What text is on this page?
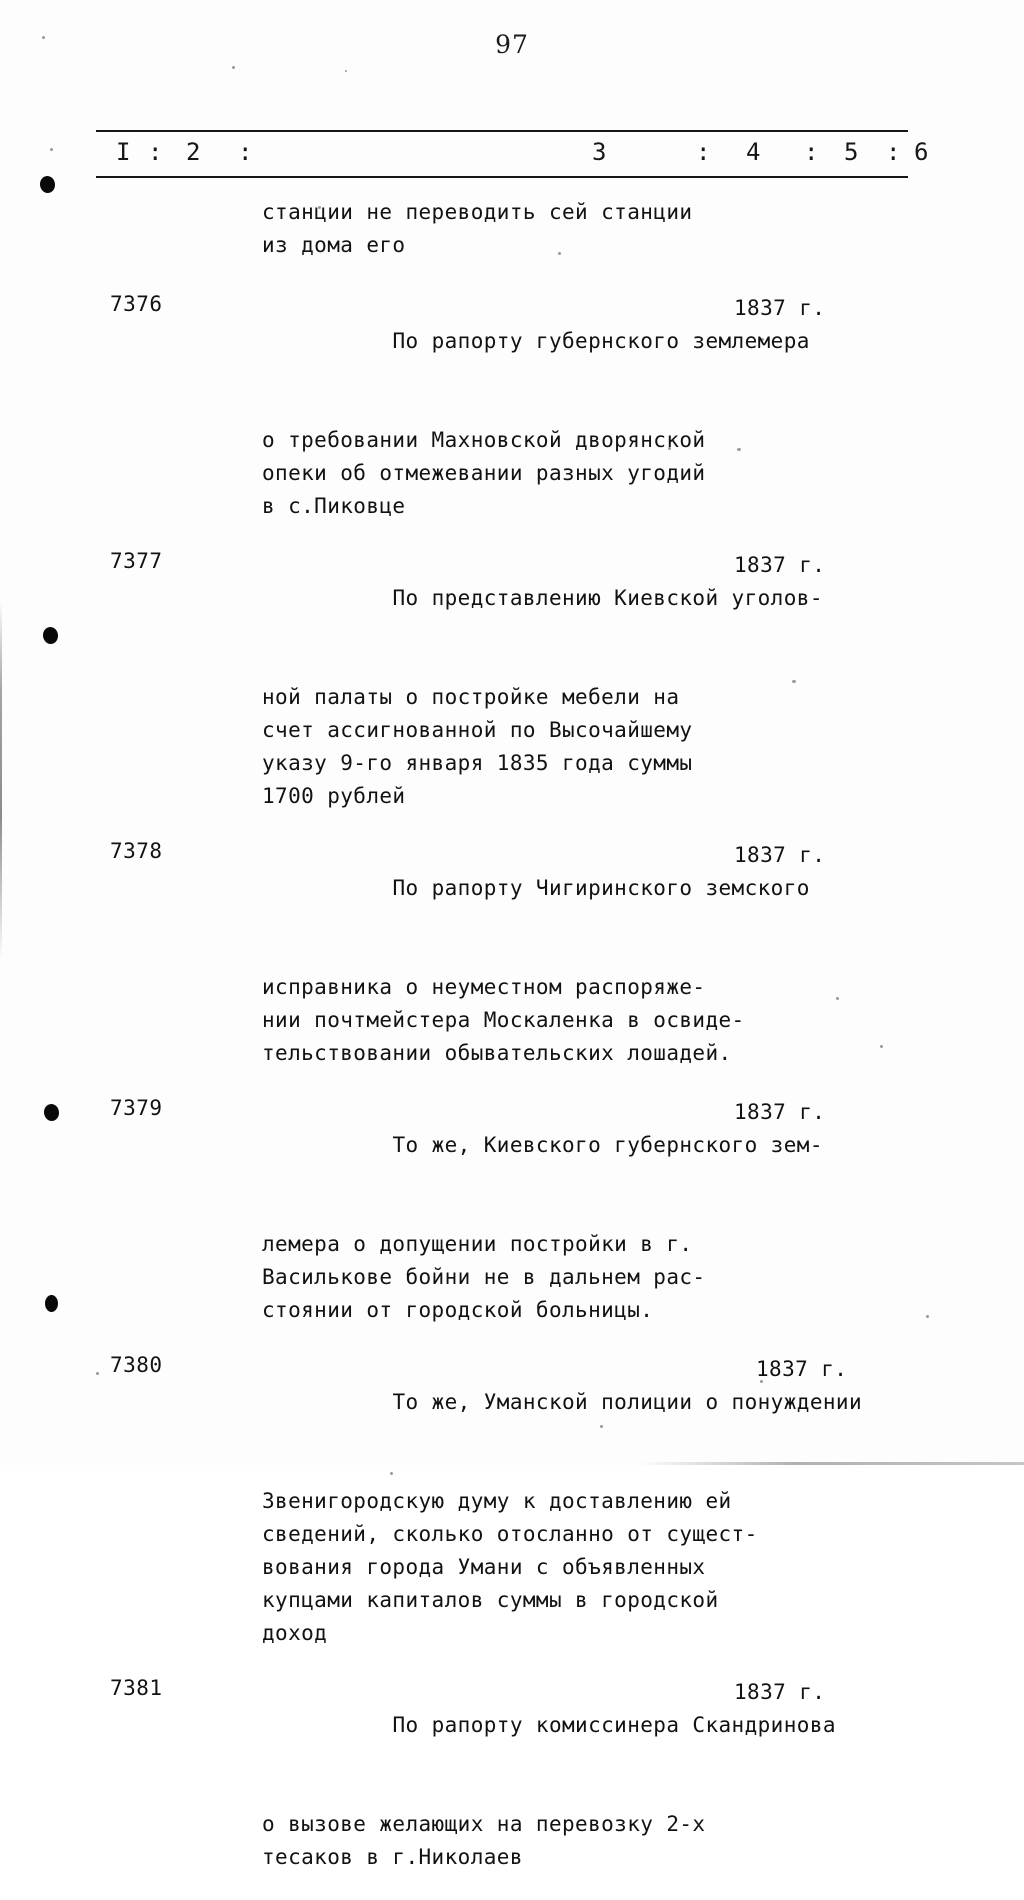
97
I : 2 :	3	: 4 : 5 : 6
станции не переводить сей станции
из дома его
7376

По рапорту губернского землемера

1837 г.

о требовании Махновской дворянской
опеки об отмежевании разных угодий
в с.Пиковце
7377

По представлению Киевской уголов-

1837 г.

ной палаты о постройке мебели на
счет ассигнованной по Высочайшему
указу 9-го января 1835 года суммы
1700 рублей
7378

По рапорту Чигиринского земского

1837 г.

исправника о неуместном распоряже-
нии почтмейстера Москаленка в освиде-
тельствовании обывательских лошадей.
7379

То же, Киевского губернского зем-

1837 г.

лемера о допущении постройки в г.
Василькове бойни не в дальнем рас-
стоянии от городской больницы.
7380

То же, Уманской полиции о понуждении

1837 г.

Звенигородскую думу к доставлению ей
сведений, сколько отосланно от сущест-
вования города Умани с объявленных
купцами капиталов суммы в городской
доход
7381

По рапорту комиссинера Скандринова

1837 г.

о вызове желающих на перевозку 2-х
тесаков в г.Николаев
